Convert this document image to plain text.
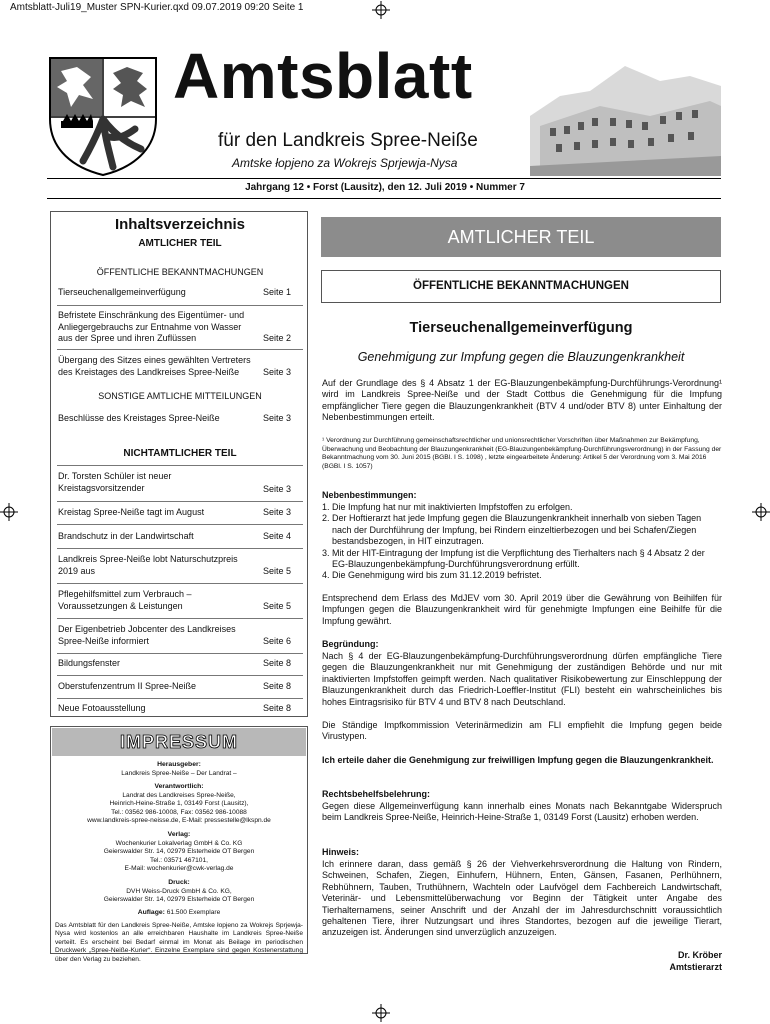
Amtsblatt-Juli19_Muster SPN-Kurier.qxd 09.07.2019 09:20 Seite 1
Amtsblatt
für den Landkreis Spree-Neiße
Amtske łopjeno za Wokrejs Sprjewja-Nysa
Jahrgang 12 • Forst (Lausitz), den 12. Juli 2019 • Nummer 7
Inhaltsverzeichnis
AMTLICHER TEIL
ÖFFENTLICHE BEKANNTMACHUNGEN
Tierseuchenallgemeinverfügung	Seite 1
Befristete Einschränkung des Eigentümer- und Anliegergebrauchs zur Entnahme von Wasser aus der Spree und ihren Zuflüssen	Seite 2
Übergang des Sitzes eines gewählten Vertreters des Kreistages des Landkreises Spree-Neiße	Seite 3
SONSTIGE AMTLICHE MITTEILUNGEN
Beschlüsse des Kreistages Spree-Neiße	Seite 3
NICHTAMTLICHER TEIL
Dr. Torsten Schüler ist neuer Kreistagsvorsitzender	Seite 3
Kreistag Spree-Neiße tagt im August	Seite 3
Brandschutz in der Landwirtschaft	Seite 4
Landkreis Spree-Neiße lobt Naturschutzpreis 2019 aus	Seite 5
Pflegehilfsmittel zum Verbrauch – Voraussetzungen & Leistungen	Seite 5
Der Eigenbetrieb Jobcenter des Landkreises Spree-Neiße informiert	Seite 6
Bildungsfenster	Seite 8
Oberstufenzentrum II Spree-Neiße	Seite 8
Neue Fotoausstellung	Seite 8
IMPRESSUM
Herausgeber:
Landkreis Spree-Neiße – Der Landrat –
Verantwortlich:
Landrat des Landkreises Spree-Neiße,
Heinrich-Heine-Straße 1, 03149 Forst (Lausitz),
Tel.: 03562 986-10008, Fax: 03562 986-10088
www.landkreis-spree-neisse.de, E-Mail: pressestelle@lkspn.de
Verlag:
Wochenkurier Lokalverlag GmbH & Co. KG
Geierswalder Str. 14, 02979 Elsterheide OT Bergen
Tel.: 03571 467101,
E-Mail: wochenkurier@cwk-verlag.de
Druck:
DVH Weiss-Druck GmbH & Co. KG,
Geierswalder Str. 14, 02979 Elsterheide OT Bergen
Auflage: 61.500 Exemplare
Das Amtsblatt für den Landkreis Spree-Neiße, Amtske łopjeno za Wokrejs Sprjewja-Nysa wird kostenlos an alle erreichbaren Haushalte im Landkreis Spree-Neiße verteilt. Es erscheint bei Bedarf einmal im Monat als Beilage im periodischen Druckwerk „Spree-Neiße-Kurier“. Einzelne Exemplare sind gegen Kostenerstattung über den Verlag zu beziehen.
AMTLICHER TEIL
ÖFFENTLICHE BEKANNTMACHUNGEN
Tierseuchenallgemeinverfügung
Genehmigung zur Impfung gegen die Blauzungenkrankheit
Auf der Grundlage des § 4 Absatz 1 der EG-Blauzungenbekämpfung-Durchführungs-Verordnung¹ wird im Landkreis Spree-Neiße und der Stadt Cottbus die Genehmigung für die Impfung empfänglicher Tiere gegen die Blauzungenkrankheit (BTV 4 und/oder BTV 8) unter Einhaltung der Nebenbestimmungen erteilt.
¹ Verordnung zur Durchführung gemeinschaftsrechtlicher und unionsrechtlicher Vorschriften über Maßnahmen zur Bekämpfung, Überwachung und Beobachtung der Blauzungenkrankheit (EG-Blauzungenbekämpfung-Durchführungsverordnung) in der Fassung der Bekanntmachung vom 30. Juni 2015 (BGBl. I S. 1098) , letzte eingearbeitete Änderung: Artikel 5 der Verordnung vom 3. Mai 2016 (BGBl. I S. 1057)
Nebenbestimmungen:
1. Die Impfung hat nur mit inaktivierten Impfstoffen zu erfolgen.
2. Der Hoftierarzt hat jede Impfung gegen die Blauzungenkrankheit innerhalb von sieben Tagen nach der Durchführung der Impfung, bei Rindern einzeltierbezogen und bei Schafen/Ziegen bestandsbezogen, in HIT einzutragen.
3. Mit der HIT-Eintragung der Impfung ist die Verpflichtung des Tierhalters nach § 4 Absatz 2 der EG-Blauzungenbekämpfung-Durchführungsverordnung erfüllt.
4. Die Genehmigung wird bis zum 31.12.2019 befristet.
Entsprechend dem Erlass des MdJEV vom 30. April 2019 über die Gewährung von Beihilfen für Impfungen gegen die Blauzungenkrankheit wird für genehmigte Impfungen eine Beihilfe für die Impfung gewährt.
Begründung:
Nach § 4 der EG-Blauzungenbekämpfung-Durchführungsverordnung dürfen empfängliche Tiere gegen die Blauzungenkrankheit nur mit Genehmigung der zuständigen Behörde und nur mit inaktivierten Impfstoffen geimpft werden. Nach qualitativer Risikobewertung zur Einschleppung der Blauzungenkrankheit durch das Friedrich-Loeffler-Institut (FLI) besteht ein wahrscheinliches bis hohes Eintragsrisiko für BTV 4 und BTV 8 nach Deutschland.
Die Ständige Impfkommission Veterinärmedizin am FLI empfiehlt die Impfung gegen beide Virustypen.
Ich erteile daher die Genehmigung zur freiwilligen Impfung gegen die Blauzungenkrankheit.
Rechtsbehelfsbelehrung:
Gegen diese Allgemeinverfügung kann innerhalb eines Monats nach Bekanntgabe Widerspruch beim Landkreis Spree-Neiße, Heinrich-Heine-Straße 1, 03149 Forst (Lausitz) erhoben werden.
Hinweis:
Ich erinnere daran, dass gemäß § 26 der Viehverkehrsverordnung die Haltung von Rindern, Schweinen, Schafen, Ziegen, Einhufern, Hühnern, Enten, Gänsen, Fasanen, Perlhühnern, Rebhühnern, Tauben, Truthühnern, Wachteln oder Laufvögel dem Fachbereich Landwirtschaft, Veterinär- und Lebensmittelüberwachung vor Beginn der Tätigkeit unter Angabe des Tierhalternamens, seiner Anschrift und der Anzahl der im Jahresdurchschnitt voraussichtlich gehaltenen Tiere, ihrer Nutzungsart und ihres Standortes, bezogen auf die jeweilige Tierart, anzuzeigen ist. Änderungen sind unverzüglich anzuzeigen.
Dr. Kröber
Amtstierarzt
